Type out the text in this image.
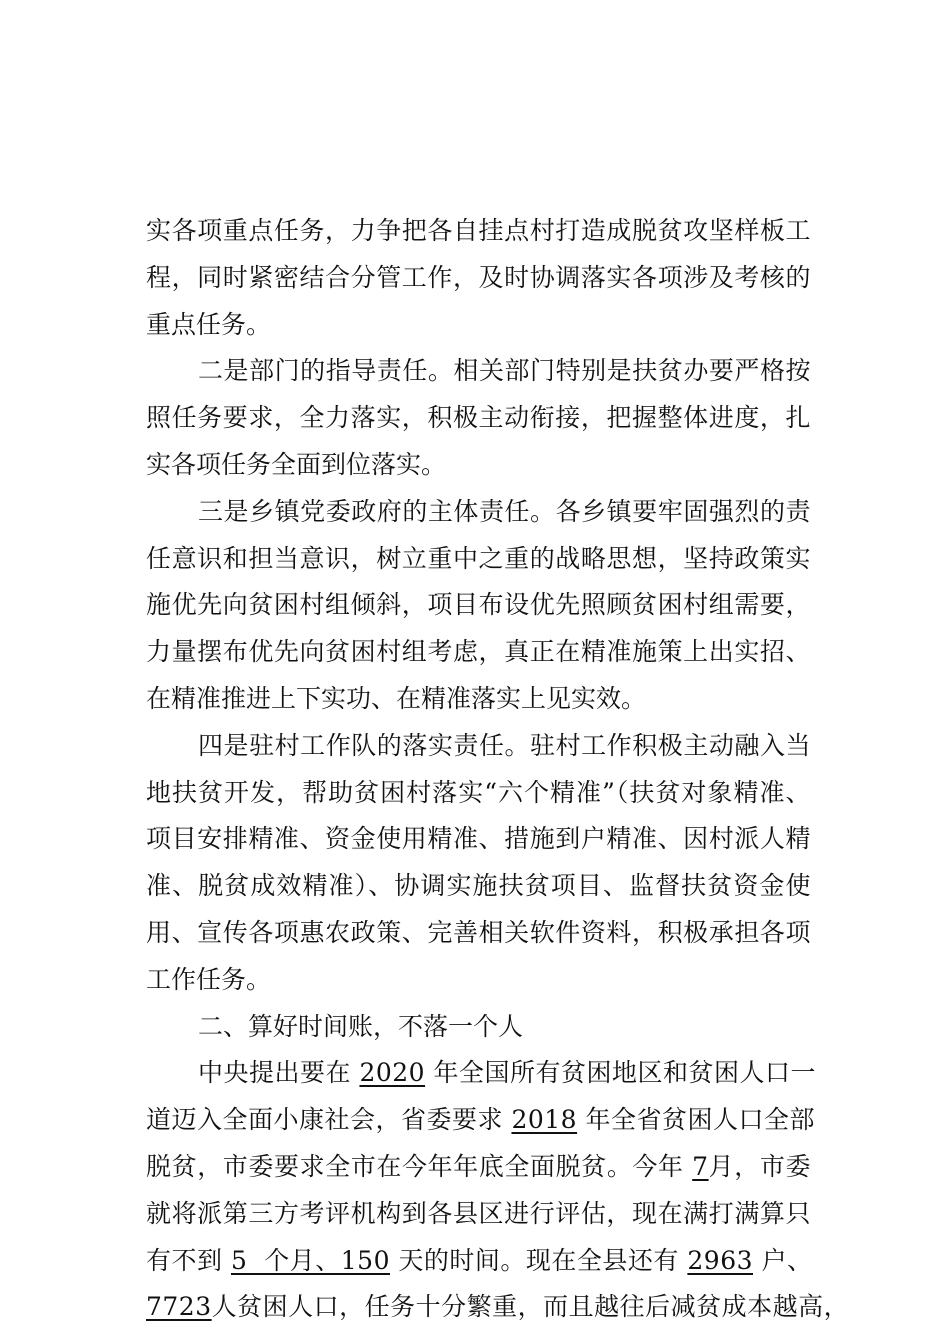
实各项重点任务，力争把各自挂点村打造成脱贫攻坚样板工
程，同时紧密结合分管工作，及时协调落实各项涉及考核的
重点任务。
二是部门的指导责任。相关部门特别是扶贫办要严格按
照任务要求，全力落实，积极主动衔接，把握整体进度，扎
实各项任务全面到位落实。
三是乡镇党委政府的主体责任。各乡镇要牢固强烈的责
任意识和担当意识，树立重中之重的战略思想，坚持政策实
施优先向贫困村组倾斜，项目布设优先照顾贫困村组需要，
力量摆布优先向贫困村组考虑，真正在精准施策上出实招、
在精准推进上下实功、在精准落实上见实效。
四是驻村工作队的落实责任。驻村工作积极主动融入当
地扶贫开发，帮助贫困村落实“六个精准”（扶贫对象精准、
项目安排精准、资金使用精准、措施到户精准、因村派人精
准、脱贫成效精准）、协调实施扶贫项目、监督扶贫资金使
用、宣传各项惠农政策、完善相关软件资料，积极承担各项
工作任务。
二、算好时间账，不落一个人
中央提出要在 2020 年全国所有贫困地区和贫困人口一
道迈入全面小康社会，省委要求 2018 年全省贫困人口全部
脱贫，市委要求全市在今年年底全面脱贫。今年 7月，市委
就将派第三方考评机构到各县区进行评估，现在满打满算只
有不到 5  个月、150 天的时间。现在全县还有 2963 户、
7723人贫困人口，任务十分繁重，而且越往后减贫成本越高，
